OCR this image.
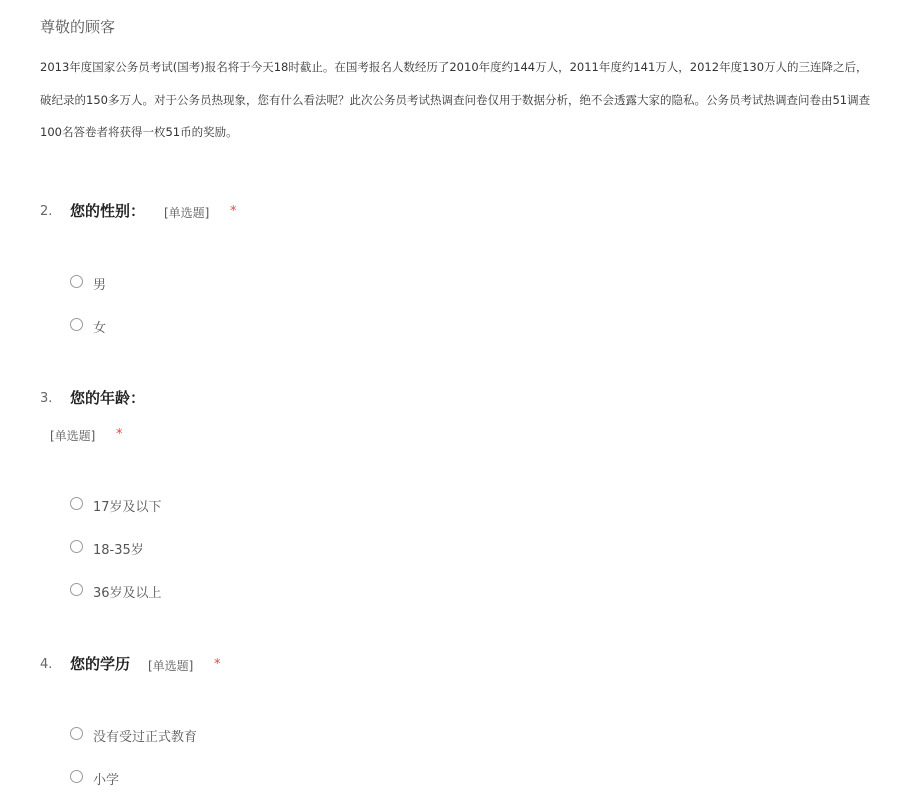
尊敬的顾客
2013年度国家公务员考试(国考)报名将于今天18时截止。在国考报名人数经历了2010年度约144万人，2011年度约141万人，2012年度130万人的三连降之后，
破纪录的150多万人。对于公务员热现象，您有什么看法呢？此次公务员考试热调查问卷仅用于数据分析，绝不会透露大家的隐私。公务员考试热调查问卷由51调查
100名答卷者将获得一枚51币的奖励。
2. 您的性别： [单选题] *
男
女
3. 您的年龄：
[单选题] *
17岁及以下
18-35岁
36岁及以上
4. 您的学历 [单选题] *
没有受过正式教育
小学
